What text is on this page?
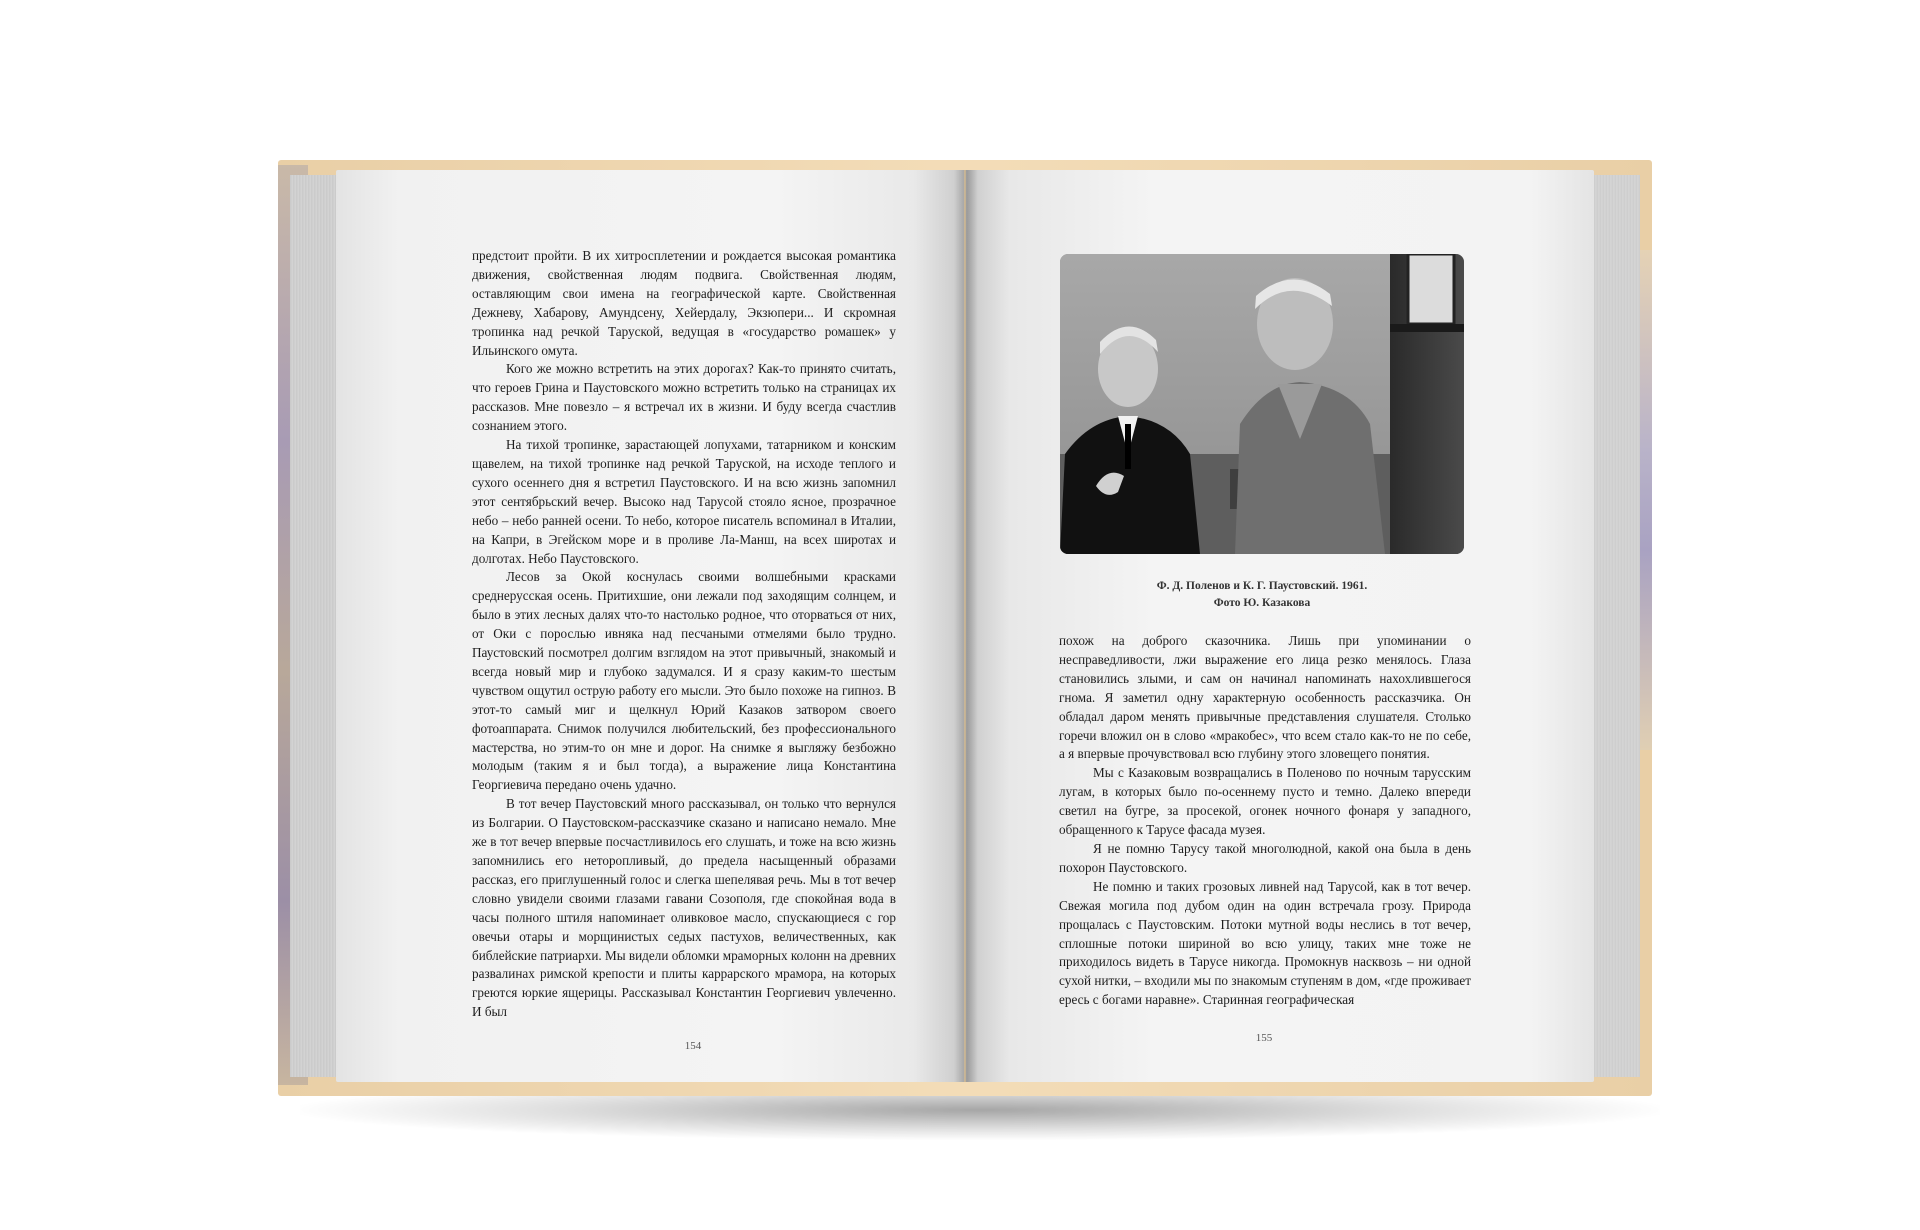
предстоит пройти. В их хитросплетении и рождается высокая романтика движения, свойственная людям подвига. Свойственная людям, оставляющим свои имена на географической карте. Свойственная Дежневу, Хабарову, Амундсену, Хейердалу, Экзюпери... И скромная тропинка над речкой Таруской, ведущая в «государство ромашек» у Ильинского омута.

Кого же можно встретить на этих дорогах? Как-то принято считать, что героев Грина и Паустовского можно встретить только на страницах их рассказов. Мне повезло – я встречал их в жизни. И буду всегда счастлив сознанием этого.

На тихой тропинке, зарастающей лопухами, татарником и конским щавелем, на тихой тропинке над речкой Таруской, на исходе теплого и сухого осеннего дня я встретил Паустовского. И на всю жизнь запомнил этот сентябрьский вечер. Высоко над Тарусой стояло ясное, прозрачное небо – небо ранней осени. То небо, которое писатель вспоминал в Италии, на Капри, в Эгейском море и в проливе Ла-Манш, на всех широтах и долготах. Небо Паустовского.

Лесов за Окой коснулась своими волшебными красками среднерусская осень. Притихшие, они лежали под заходящим солнцем, и было в этих лесных далях что-то настолько родное, что оторваться от них, от Оки с порослью ивняка над песчаными отмелями было трудно. Паустовский посмотрел долгим взглядом на этот привычный, знакомый и всегда новый мир и глубоко задумался. И я сразу каким-то шестым чувством ощутил острую работу его мысли. Это было похоже на гипноз. В этот-то самый миг и щелкнул Юрий Казаков затвором своего фотоаппарата. Снимок получился любительский, без профессионального мастерства, но этим-то он мне и дорог. На снимке я выгляжу безбожно молодым (таким я и был тогда), а выражение лица Константина Георгиевича передано очень удачно.

В тот вечер Паустовский много рассказывал, он только что вернулся из Болгарии. О Паустовском-рассказчике сказано и написано немало. Мне же в тот вечер впервые посчастливилось его слушать, и тоже на всю жизнь запомнились его неторопливый, до предела насыщенный образами рассказ, его приглушенный голос и слегка шепелявая речь. Мы в тот вечер словно увидели своими глазами гавани Созополя, где спокойная вода в часы полного штиля напоминает оливковое масло, спускающиеся с гор овечьи отары и морщинистых седых пастухов, величественных, как библейские патриархи. Мы видели обломки мраморных колонн на древних развалинах римской крепости и плиты каррарского мрамора, на которых греются юркие ящерицы. Рассказывал Константин Георгиевич увлеченно. И был

154
Ф. Д. Поленов и К. Г. Паустовский. 1961.
Фото Ю. Казакова

похож на доброго сказочника. Лишь при упоминании о несправедливости, лжи выражение его лица резко менялось. Глаза становились злыми, и сам он начинал напоминать нахохлившегося гнома. Я заметил одну характерную особенность рассказчика. Он обладал даром менять привычные представления слушателя. Столько горечи вложил он в слово «мракобес», что всем стало как-то не по себе, а я впервые прочувствовал всю глубину этого зловещего понятия.

Мы с Казаковым возвращались в Поленово по ночным тарусским лугам, в которых было по-осеннему пусто и темно. Далеко впереди светил на бугре, за просекой, огонек ночного фонаря у западного, обращенного к Тарусе фасада музея.

Я не помню Тарусу такой многолюдной, какой она была в день похорон Паустовского.

Не помню и таких грозовых ливней над Тарусой, как в тот вечер. Свежая могила под дубом один на один встречала грозу. Природа прощалась с Паустовским. Потоки мутной воды неслись в тот вечер, сплошные потоки шириной во всю улицу, таких мне тоже не приходилось видеть в Тарусе никогда. Промокнув насквозь – ни одной сухой нитки, – входили мы по знакомым ступеням в дом, «где проживает ересь с богами наравне». Старинная географическая

155
